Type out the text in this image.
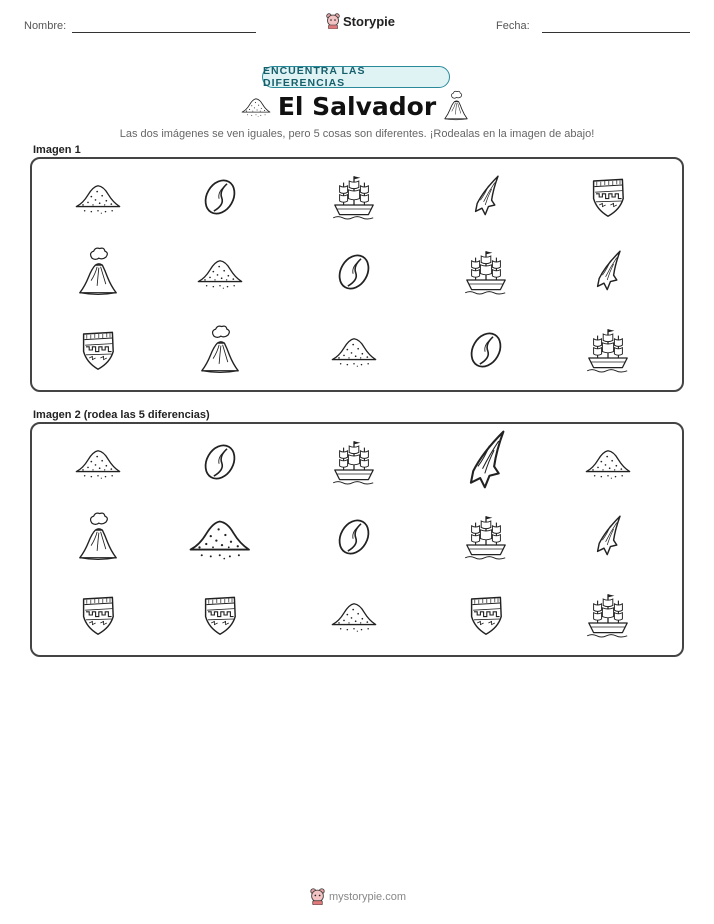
Nombre:	Storypie	Fecha:
ENCUENTRA LAS DIFERENCIAS
El Salvador
Las dos imágenes se ven iguales, pero 5 cosas son diferentes. ¡Rodealas en la imagen de abajo!
Imagen 1
Imagen 2 (rodea las 5 diferencias)
mystorypie.com
